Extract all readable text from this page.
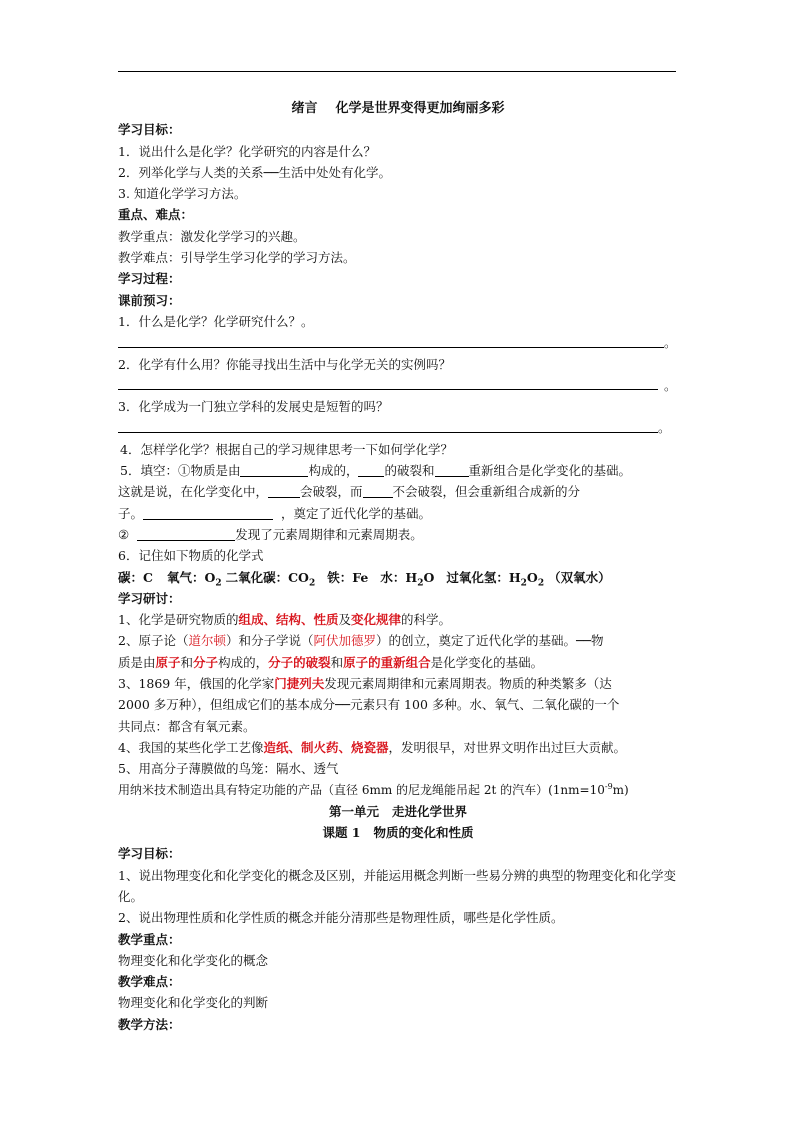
绪言    化学是世界变得更加绚丽多彩

学习目标：

1．说出什么是化学？化学研究的内容是什么？

2．列举化学与人类的关系──生活中处处有化学。

3. 知道化学学习方法。

重点、难点：

教学重点：激发化学学习的兴趣。

教学难点：引导学生学习化学的学习方法。

学习过程：

课前预习：

1．什么是化学？化学研究什么？。

。

2．化学有什么用？你能寻找出生活中与化学无关的实例吗？

。

3．化学成为一门独立学科的发展史是短暂的吗？

。

4．怎样学化学？根据自己的学习规律思考一下如何学化学？

5．填空：①物质是由	构成的， 的破裂和	重新组合是化学变化的基础。

这就是说，在化学变化中，	会破裂，而 不会破裂，但会重新组合成新的分

子。	，奠定了近代化学的基础。

②	发现了元素周期律和元素周期表。

6．记住如下物质的化学式

碳：C 氧气：$O_2$ 二氧化碳：$CO_2$ 铁：Fe 水：$H_2O$ 过氧化氢：$H_2O_2$ （双氧水）

学习研讨：

1、化学是研究物质的组成、结构、性质及变化规律的科学。

2、原子论（道尔顿）和分子学说（阿伏加德罗）的创立，奠定了近代化学的基础。──物

质是由原子和分子构成的，分子的破裂和原子的重新组合是化学变化的基础。

3、1869 年，俄国的化学家门捷列夫发现元素周期律和元素周期表。物质的种类繁多（达

2000 多万种），但组成它们的基本成分──元素只有 100 多种。水、氧气、二氧化碳的一个

共同点：都含有氧元素。

4、我国的某些化学工艺像造纸、制火药、烧瓷器，发明很早，对世界文明作出过巨大贡献。

5、用高分子薄膜做的鸟笼：隔水、透气

用纳米技术制造出具有特定功能的产品（直径 6mm 的尼龙绳能吊起 2t 的汽车）$(1nm=10^{-9}m)$

第一单元   走进化学世界

课题 1   物质的变化和性质

学习目标：

1、说出物理变化和化学变化的概念及区别，并能运用概念判断一些易分辨的典型的物理变化和化学变化。

2、说出物理性质和化学性质的概念并能分清那些是物理性质，哪些是化学性质。

教学重点：

物理变化和化学变化的概念

教学难点：

物理变化和化学变化的判断

教学方法：
